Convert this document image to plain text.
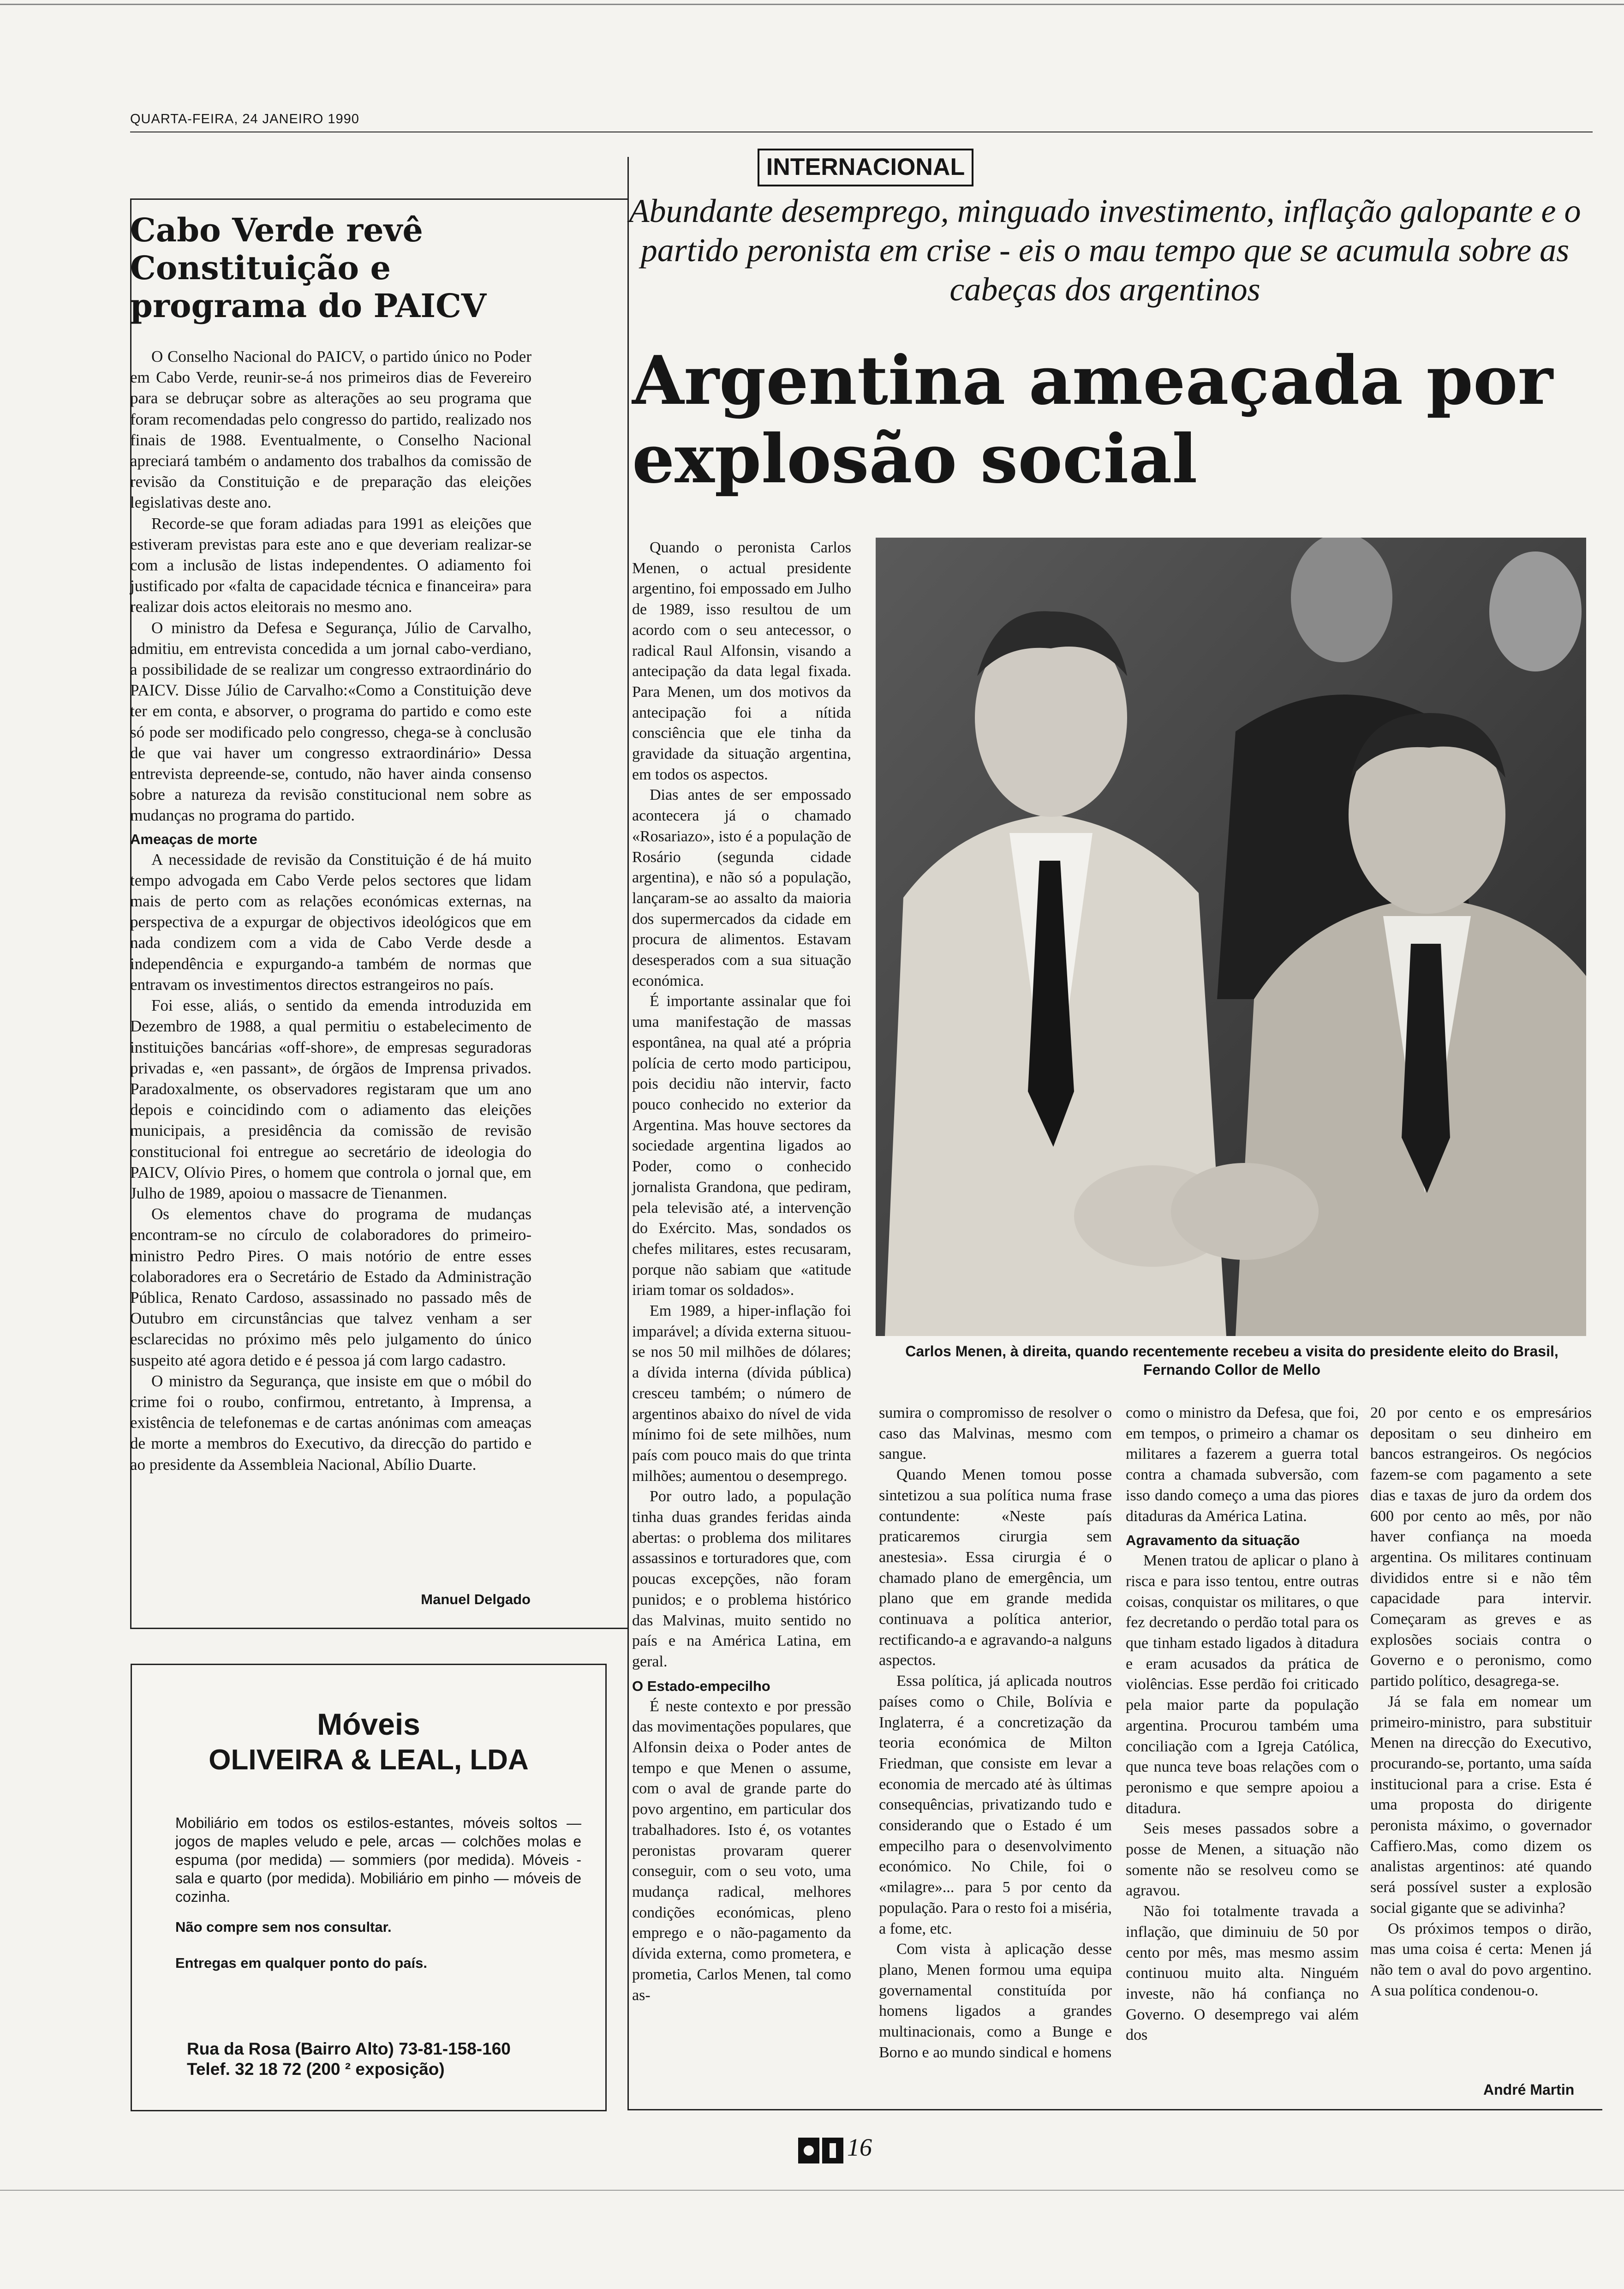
QUARTA-FEIRA, 24 JANEIRO 1990
Cabo Verde revê Constituição e programa do PAICV

O Conselho Nacional do PAICV, o partido único no Poder em Cabo Verde, reunir-se-á nos primeiros dias de Fevereiro para se debruçar sobre as alterações ao seu programa que foram recomendadas pelo congresso do partido, realizado nos finais de 1988. Eventualmente, o Conselho Nacional apreciará também o andamento dos trabalhos da comissão de revisão da Constituição e de preparação das eleições legislativas deste ano.

Recorde-se que foram adiadas para 1991 as eleições que estiveram previstas para este ano e que deveriam realizar-se com a inclusão de listas independentes. O adiamento foi justificado por «falta de capacidade técnica e financeira» para realizar dois actos eleitorais no mesmo ano.

O ministro da Defesa e Segurança, Júlio de Carvalho, admitiu, em entrevista concedida a um jornal cabo-verdiano, a possibilidade de se realizar um congresso extraordinário do PAICV. Disse Júlio de Carvalho:«Como a Constituição deve ter em conta, e absorver, o programa do partido e como este só pode ser modificado pelo congresso, chega-se à conclusão de que vai haver um congresso extraordinário» Dessa entrevista depreende-se, contudo, não haver ainda consenso sobre a natureza da revisão constitucional nem sobre as mudanças no programa do partido.

Ameaças de morte

A necessidade de revisão da Constituição é de há muito tempo advogada em Cabo Verde pelos sectores que lidam mais de perto com as relações económicas externas, na perspectiva de a expurgar de objectivos ideológicos que em nada condizem com a vida de Cabo Verde desde a independência e expurgando-a também de normas que entravam os investimentos directos estrangeiros no país.

Foi esse, aliás, o sentido da emenda introduzida em Dezembro de 1988, a qual permitiu o estabelecimento de instituições bancárias «off-shore», de empresas seguradoras privadas e, «en passant», de órgãos de Imprensa privados. Paradoxalmente, os observadores registaram que um ano depois e coincidindo com o adiamento das eleições municipais, a presidência da comissão de revisão constitucional foi entregue ao secretário de ideologia do PAICV, Olívio Pires, o homem que controla o jornal que, em Julho de 1989, apoiou o massacre de Tienanmen.

Os elementos chave do programa de mudanças encontram-se no círculo de colaboradores do primeiro-ministro Pedro Pires. O mais notório de entre esses colaboradores era o Secretário de Estado da Administração Pública, Renato Cardoso, assassinado no passado mês de Outubro em circunstâncias que talvez venham a ser esclarecidas no próximo mês pelo julgamento do único suspeito até agora detido e é pessoa já com largo cadastro.

O ministro da Segurança, que insiste em que o móbil do crime foi o roubo, confirmou, entretanto, à Imprensa, a existência de telefonemas e de cartas anónimas com ameaças de morte a membros do Executivo, da direcção do partido e ao presidente da Assembleia Nacional, Abílio Duarte.

Manuel Delgado
Móveis
OLIVEIRA & LEAL, LDA
Mobiliário em todos os estilos-estantes, móveis soltos — jogos de maples veludo e pele, arcas — colchões molas e espuma (por medida) — sommiers (por medida). Móveis - sala e quarto (por medida). Mobiliário em pinho — móveis de cozinha.
Não compre sem nos consultar.
Entregas em qualquer ponto do país.
Rua da Rosa (Bairro Alto) 73-81-158-160
Telef. 32 18 72 (200 ² exposição)
INTERNACIONAL
Abundante desemprego, minguado investimento, inflação galopante e o partido peronista em crise - eis o mau tempo que se acumula sobre as cabeças dos argentinos
Argentina ameaçada por explosão social

Quando o peronista Carlos Menen, o actual presidente argentino, foi empossado em Julho de 1989, isso resultou de um acordo com o seu antecessor, o radical Raul Alfonsin, visando a antecipação da data legal fixada. Para Menen, um dos motivos da antecipação foi a nítida consciência que ele tinha da gravidade da situação argentina, em todos os aspectos.

Dias antes de ser empossado acontecera já o chamado «Rosariazo», isto é a população de Rosário (segunda cidade argentina), e não só a população, lançaram-se ao assalto da maioria dos supermercados da cidade em procura de alimentos. Estavam desesperados com a sua situação económica.

É importante assinalar que foi uma manifestação de massas espontânea, na qual até a própria polícia de certo modo participou, pois decidiu não intervir, facto pouco conhecido no exterior da Argentina. Mas houve sectores da sociedade argentina ligados ao Poder, como o conhecido jornalista Grandona, que pediram, pela televisão até, a intervenção do Exército. Mas, sondados os chefes militares, estes recusaram, porque não sabiam que «atitude iriam tomar os soldados».

Em 1989, a hiper-inflação foi imparável; a dívida externa situou-se nos 50 mil milhões de dólares; a dívida interna (dívida pública) cresceu também; o número de argentinos abaixo do nível de vida mínimo foi de sete milhões, num país com pouco mais do que trinta milhões; aumentou o desemprego.

Por outro lado, a população tinha duas grandes feridas ainda abertas: o problema dos militares assassinos e torturadores que, com poucas excepções, não foram punidos; e o problema histórico das Malvinas, muito sentido no país e na América Latina, em geral.

O Estado-empecilho

É neste contexto e por pressão das movimentações populares, que Alfonsin deixa o Poder antes de tempo e que Menen o assume, com o aval de grande parte do povo argentino, em particular dos trabalhadores. Isto é, os votantes peronistas provaram querer conseguir, com o seu voto, uma mudança radical, melhores condições económicas, pleno emprego e o não-pagamento da dívida externa, como prometera, e prometia, Carlos Menen, tal como as-

Carlos Menen, à direita, quando recentemente recebeu a visita do presidente eleito do Brasil, Fernando Collor de Mello

sumira o compromisso de resolver o caso das Malvinas, mesmo com sangue.

Quando Menen tomou posse sintetizou a sua política numa frase contundente: «Neste país praticaremos cirurgia sem anestesia». Essa cirurgia é o chamado plano de emergência, um plano que em grande medida continuava a política anterior, rectificando-a e agravando-a nalguns aspectos.

Essa política, já aplicada noutros países como o Chile, Bolívia e Inglaterra, é a concretização da teoria económica de Milton Friedman, que consiste em levar a economia de mercado até às últimas consequências, privatizando tudo e considerando que o Estado é um empecilho para o desenvolvimento económico. No Chile, foi o «milagre»... para 5 por cento da população. Para o resto foi a miséria, a fome, etc.

Com vista à aplicação desse plano, Menen formou uma equipa governamental constituída por homens ligados a grandes multinacionais, como a Bunge e Borno e ao mundo sindical e homens

como o ministro da Defesa, que foi, em tempos, o primeiro a chamar os militares a fazerem a guerra total contra a chamada subversão, com isso dando começo a uma das piores ditaduras da América Latina.

Agravamento da situação

Menen tratou de aplicar o plano à risca e para isso tentou, entre outras coisas, conquistar os militares, o que fez decretando o perdão total para os que tinham estado ligados à ditadura e eram acusados da prática de violências. Esse perdão foi criticado pela maior parte da população argentina. Procurou também uma conciliação com a Igreja Católica, que nunca teve boas relações com o peronismo e que sempre apoiou a ditadura.

Seis meses passados sobre a posse de Menen, a situação não somente não se resolveu como se agravou.

Não foi totalmente travada a inflação, que diminuiu de 50 por cento por mês, mas mesmo assim continuou muito alta. Ninguém investe, não há confiança no Governo. O desemprego vai além dos

20 por cento e os empresários depositam o seu dinheiro em bancos estrangeiros. Os negócios fazem-se com pagamento a sete dias e taxas de juro da ordem dos 600 por cento ao mês, por não haver confiança na moeda argentina. Os militares continuam divididos entre si e não têm capacidade para intervir. Começaram as greves e as explosões sociais contra o Governo e o peronismo, como partido político, desagrega-se.

Já se fala em nomear um primeiro-ministro, para substituir Menen na direcção do Executivo, procurando-se, portanto, uma saída institucional para a crise. Esta é uma proposta do dirigente peronista máximo, o governador Caffiero.Mas, como dizem os analistas argentinos: até quando será possível suster a explosão social gigante que se adivinha?

Os próximos tempos o dirão, mas uma coisa é certa: Menen já não tem o aval do povo argentino. A sua política condenou-o.

André Martin
16
